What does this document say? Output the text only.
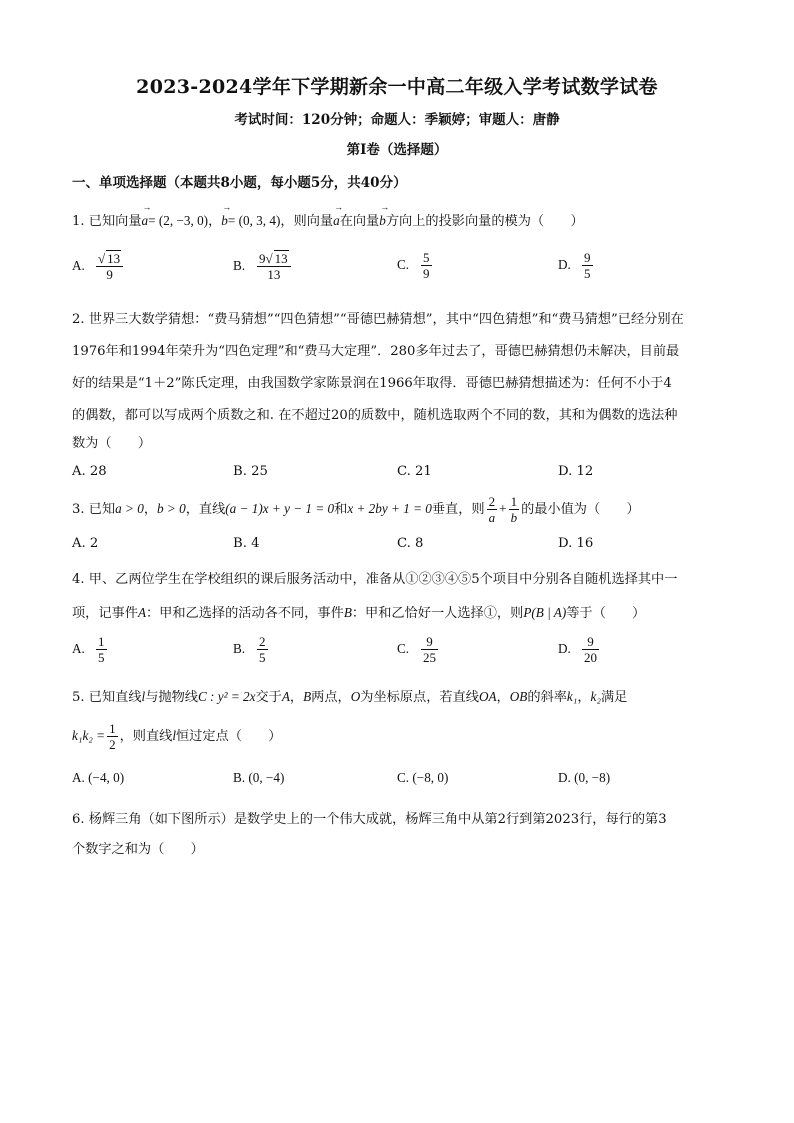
2023-2024学年下学期新余一中高二年级入学考试数学试卷
考试时间：120分钟；命题人：季颖婷；审题人：唐静
第I卷（选择题）
一、单项选择题（本题共8小题，每小题5分，共40分）
1. 已知向量
→
a= (2, −3, 0)，
→
b= (0, 3, 4)，则向量
→
a在向量
→
b方向上的投影向量的模为（　　）
A. $\frac{√ 13}{9}$	B. $\frac{9√ 13}{13}$	C. $\frac{5}{9}$	D. $\frac{9}{5}$
2. 世界三大数学猜想：“费马猜想”“四色猜想”“哥德巴赫猜想”，其中“四色猜想”和“费马猜想”已经分别在
1976年和1994年荣升为“四色定理”和“费马大定理”．280多年过去了，哥德巴赫猜想仍未解决，目前最
好的结果是“1＋2”陈氏定理，由我国数学家陈景润在1966年取得．哥德巴赫猜想描述为：任何不小于4
的偶数，都可以写成两个质数之和. 在不超过20的质数中，随机选取两个不同的数，其和为偶数的选法种
数为（　　）
A. 28	B. 25	C. 21	D. 12
3. 已知a > 0，b > 0，直线(a − 1)x + y − 1 = 0和x + 2by + 1 = 0垂直，则 $\frac{2}{a} + \frac{1}{b}$ 的最小值为（　　）
A. 2	B. 4	C. 8	D. 16
4. 甲、乙两位学生在学校组织的课后服务活动中，准备从①②③④⑤5个项目中分别各自随机选择其中一
项，记事件A：甲和乙选择的活动各不同，事件B：甲和乙恰好一人选择①，则P(B | A)等于（　　）
A. $\frac{1}{5}$	B. $\frac{2}{5}$	C. $\frac{9}{25}$	D. $\frac{9}{20}$
5. 已知直线l与抛物线C : y² = 2x交于A，B两点，O为坐标原点，若直线OA，OB的斜率k₁，k₂满足
$k_1k_2 = \frac{1}{2}$ ，则直线l恒过定点（　　）
A. (−4, 0)	B. (0, −4)	C. (−8, 0)	D. (0, −8)
6. 杨辉三角（如下图所示）是数学史上的一个伟大成就，杨辉三角中从第2行到第2023行，每行的第3
个数字之和为（　　）
